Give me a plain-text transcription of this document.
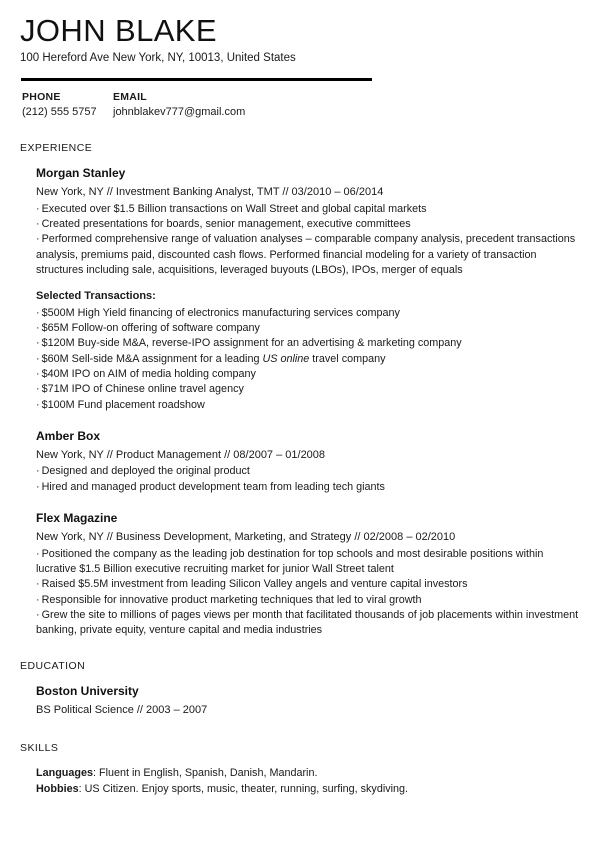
JOHN BLAKE

100 Hereford Ave New York, NY, 10013, United States

PHONE
(212) 555 5757
EMAIL
johnblakev777@gmail.com

EXPERIENCE

Morgan Stanley

New York, NY // Investment Banking Analyst, TMT // 03/2010 – 06/2014

· Executed over $1.5 Billion transactions on Wall Street and global capital markets
· Created presentations for boards, senior management, executive committees
· Performed comprehensive range of valuation analyses – comparable company analysis, precedent transactions analysis, premiums paid, discounted cash flows. Performed financial modeling for a variety of transaction structures including sale, acquisitions, leveraged buyouts (LBOs), IPOs, merger of equals

Selected Transactions:

· $500M High Yield financing of electronics manufacturing services company
· $65M Follow-on offering of software company
· $120M Buy-side M&A, reverse-IPO assignment for an advertising & marketing company
· $60M Sell-side M&A assignment for a leading US online travel company
· $40M IPO on AIM of media holding company
· $71M IPO of Chinese online travel agency
· $100M Fund placement roadshow

Amber Box

New York, NY // Product Management // 08/2007 – 01/2008

· Designed and deployed the original product
· Hired and managed product development team from leading tech giants

Flex Magazine

New York, NY // Business Development, Marketing, and Strategy // 02/2008 – 02/2010

· Positioned the company as the leading job destination for top schools and most desirable positions within lucrative $1.5 Billion executive recruiting market for junior Wall Street talent
· Raised $5.5M investment from leading Silicon Valley angels and venture capital investors
· Responsible for innovative product marketing techniques that led to viral growth
· Grew the site to millions of pages views per month that facilitated thousands of job placements within investment banking, private equity, venture capital and media industries

EDUCATION

Boston University

BS Political Science // 2003 – 2007

SKILLS

Languages: Fluent in English, Spanish, Danish, Mandarin.

Hobbies: US Citizen. Enjoy sports, music, theater, running, surfing, skydiving.
